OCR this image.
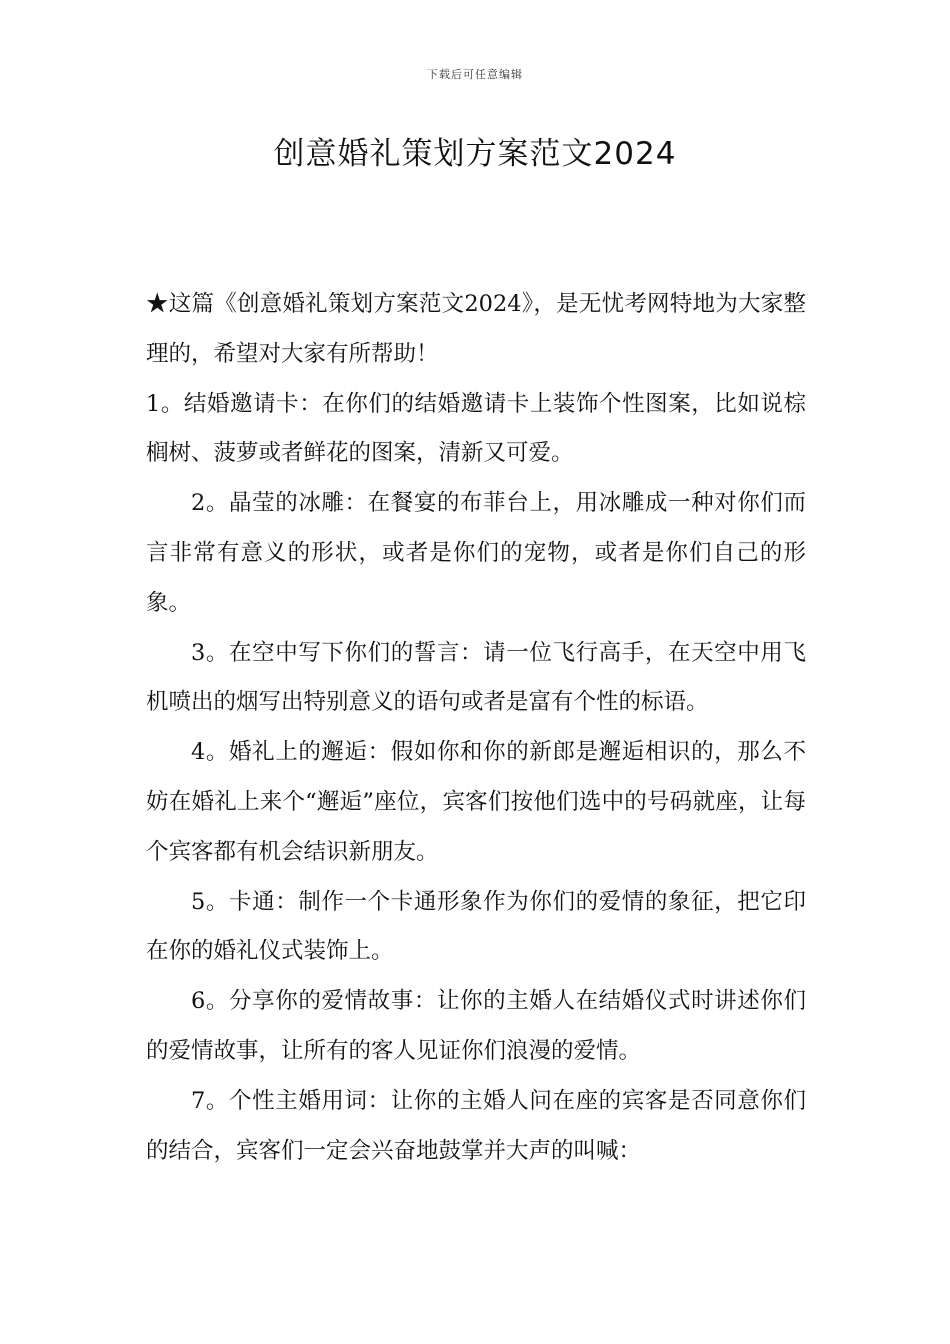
下载后可任意编辑
创意婚礼策划方案范文2024

★这篇《创意婚礼策划方案范文2024》，是无忧考网特地为大家整理的，希望对大家有所帮助！

1。结婚邀请卡：在你们的结婚邀请卡上装饰个性图案，比如说棕榈树、菠萝或者鲜花的图案，清新又可爱。

2。晶莹的冰雕：在餐宴的布菲台上，用冰雕成一种对你们而言非常有意义的形状，或者是你们的宠物，或者是你们自己的形象。

3。在空中写下你们的誓言：请一位飞行高手，在天空中用飞机喷出的烟写出特别意义的语句或者是富有个性的标语。

4。婚礼上的邂逅：假如你和你的新郎是邂逅相识的，那么不妨在婚礼上来个“邂逅”座位，宾客们按他们选中的号码就座，让每个宾客都有机会结识新朋友。

5。卡通：制作一个卡通形象作为你们的爱情的象征，把它印在你的婚礼仪式装饰上。

6。分享你的爱情故事：让你的主婚人在结婚仪式时讲述你们的爱情故事，让所有的客人见证你们浪漫的爱情。

7。个性主婚用词：让你的主婚人问在座的宾客是否同意你们的结合，宾客们一定会兴奋地鼓掌并大声的叫喊：
